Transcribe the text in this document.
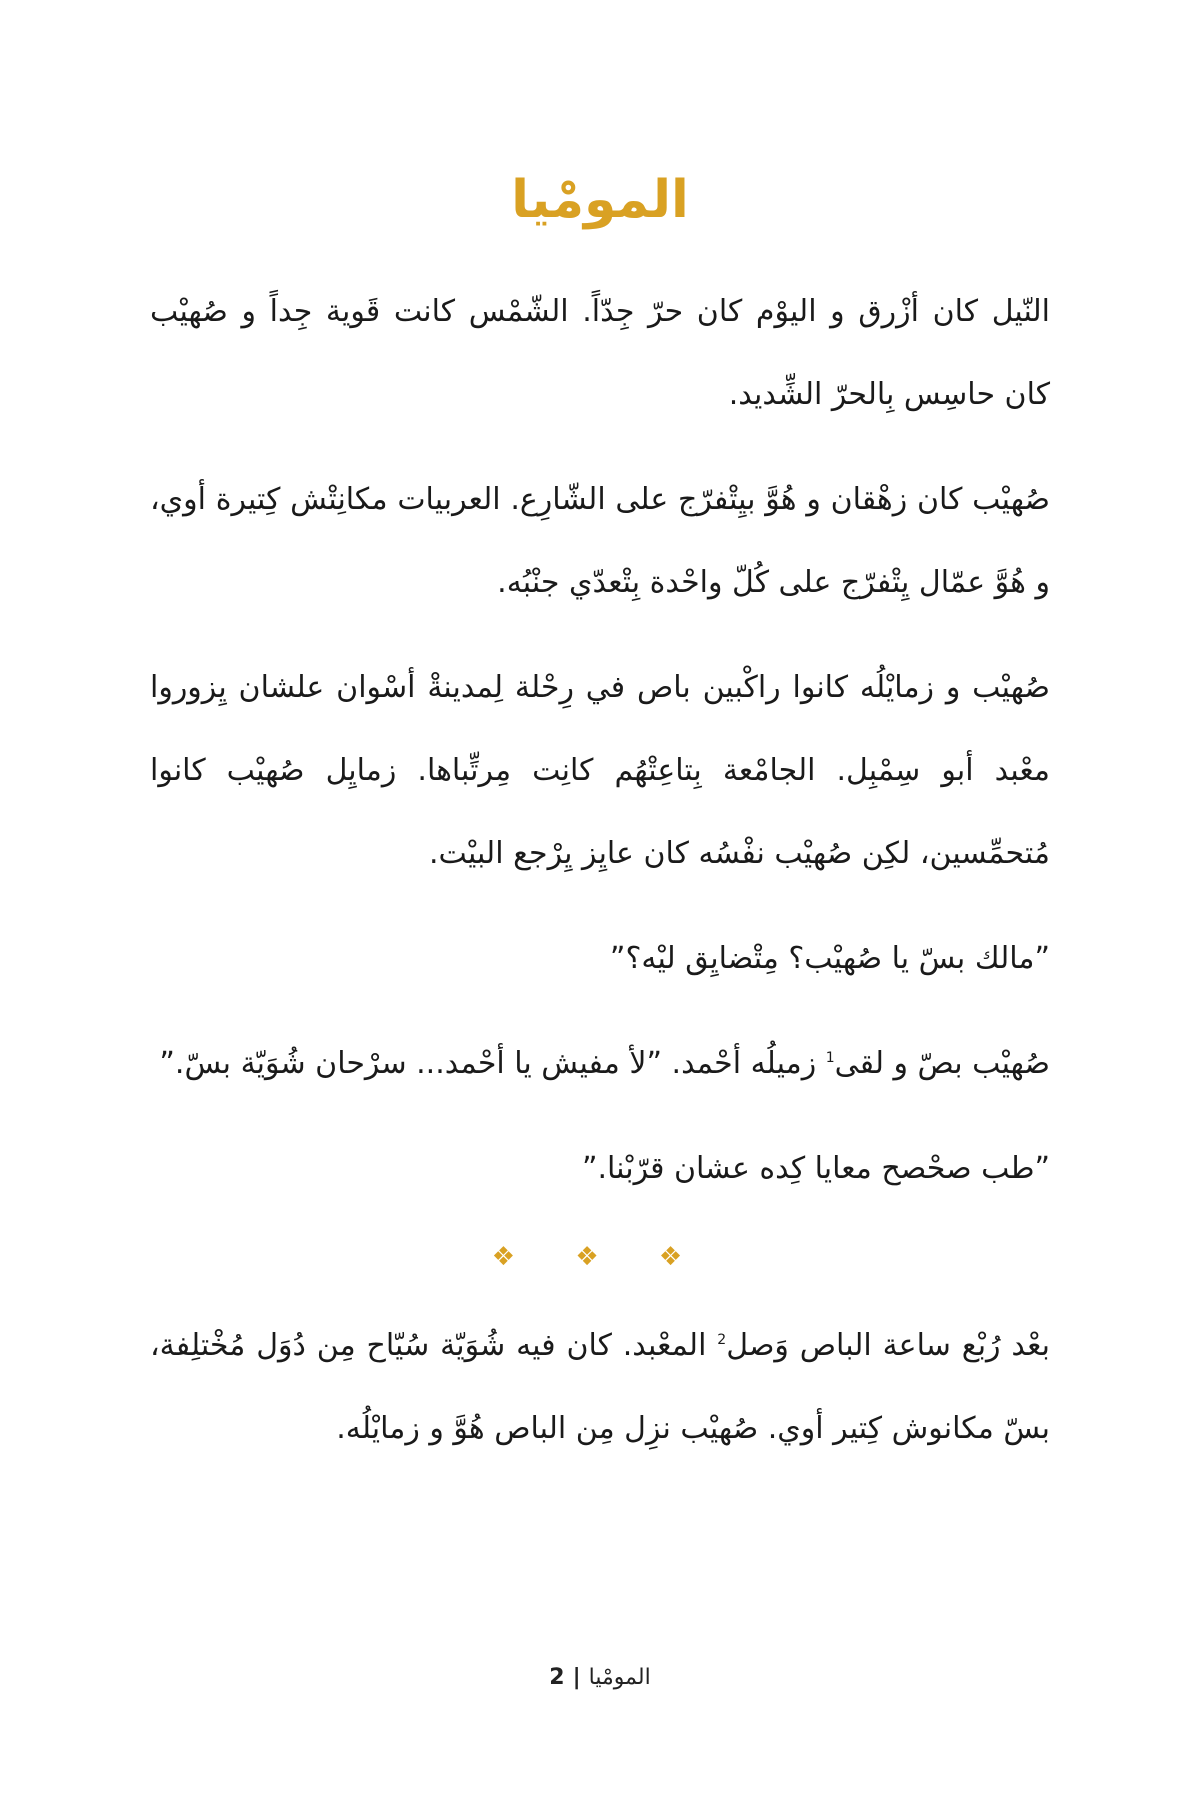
المومْيا

النّيل كان أزْرق و اليوْم كان حرّ جِدّاً. الشّمْس كانت قَوية جِداً و صُهيْب كان حاسِس بِالحرّ الشِّديد.

صُهيْب كان زهْقان و هُوَّ بيِتْفرّج على الشّارِع. العربيات مكانِتْش كِتيرة أوي، و هُوَّ عمّال يِتْفرّج على كُلّ واحْدة بِتْعدّي جنْبُه.

صُهيْب و زمايْلُه كانوا راكْبين باص في رِحْلة لِمدينةْ أسْوان علشان يِزوروا معْبد أبو سِمْبِل. الجامْعة بِتاعِتْهُم كانِت مِرتِّباها. زمايِل صُهيْب كانوا مُتحمِّسين، لكِن صُهيْب نفْسُه كان عايِز يِرْجع البيْت.

”مالك بسّ يا صُهيْب؟ مِتْضايِق ليْه؟”

صُهيْب بصّ و لقى$^1$ زميلُه أحْمد. ”لأ مفيش يا أحْمد... سرْحان شُوَيّة بسّ.”

”طب صحْصح معايا كِده عشان قرّبْنا.”

❖ ❖ ❖

بعْد رُبْع ساعة الباص وَصل$^2$ المعْبد. كان فيه شُوَيّة سُيّاح مِن دُوَل مُخْتلِفة، بسّ مكانوش كِتير أوي. صُهيْب نزِل مِن الباص هُوَّ و زمايْلُه.

المومْيا|2
